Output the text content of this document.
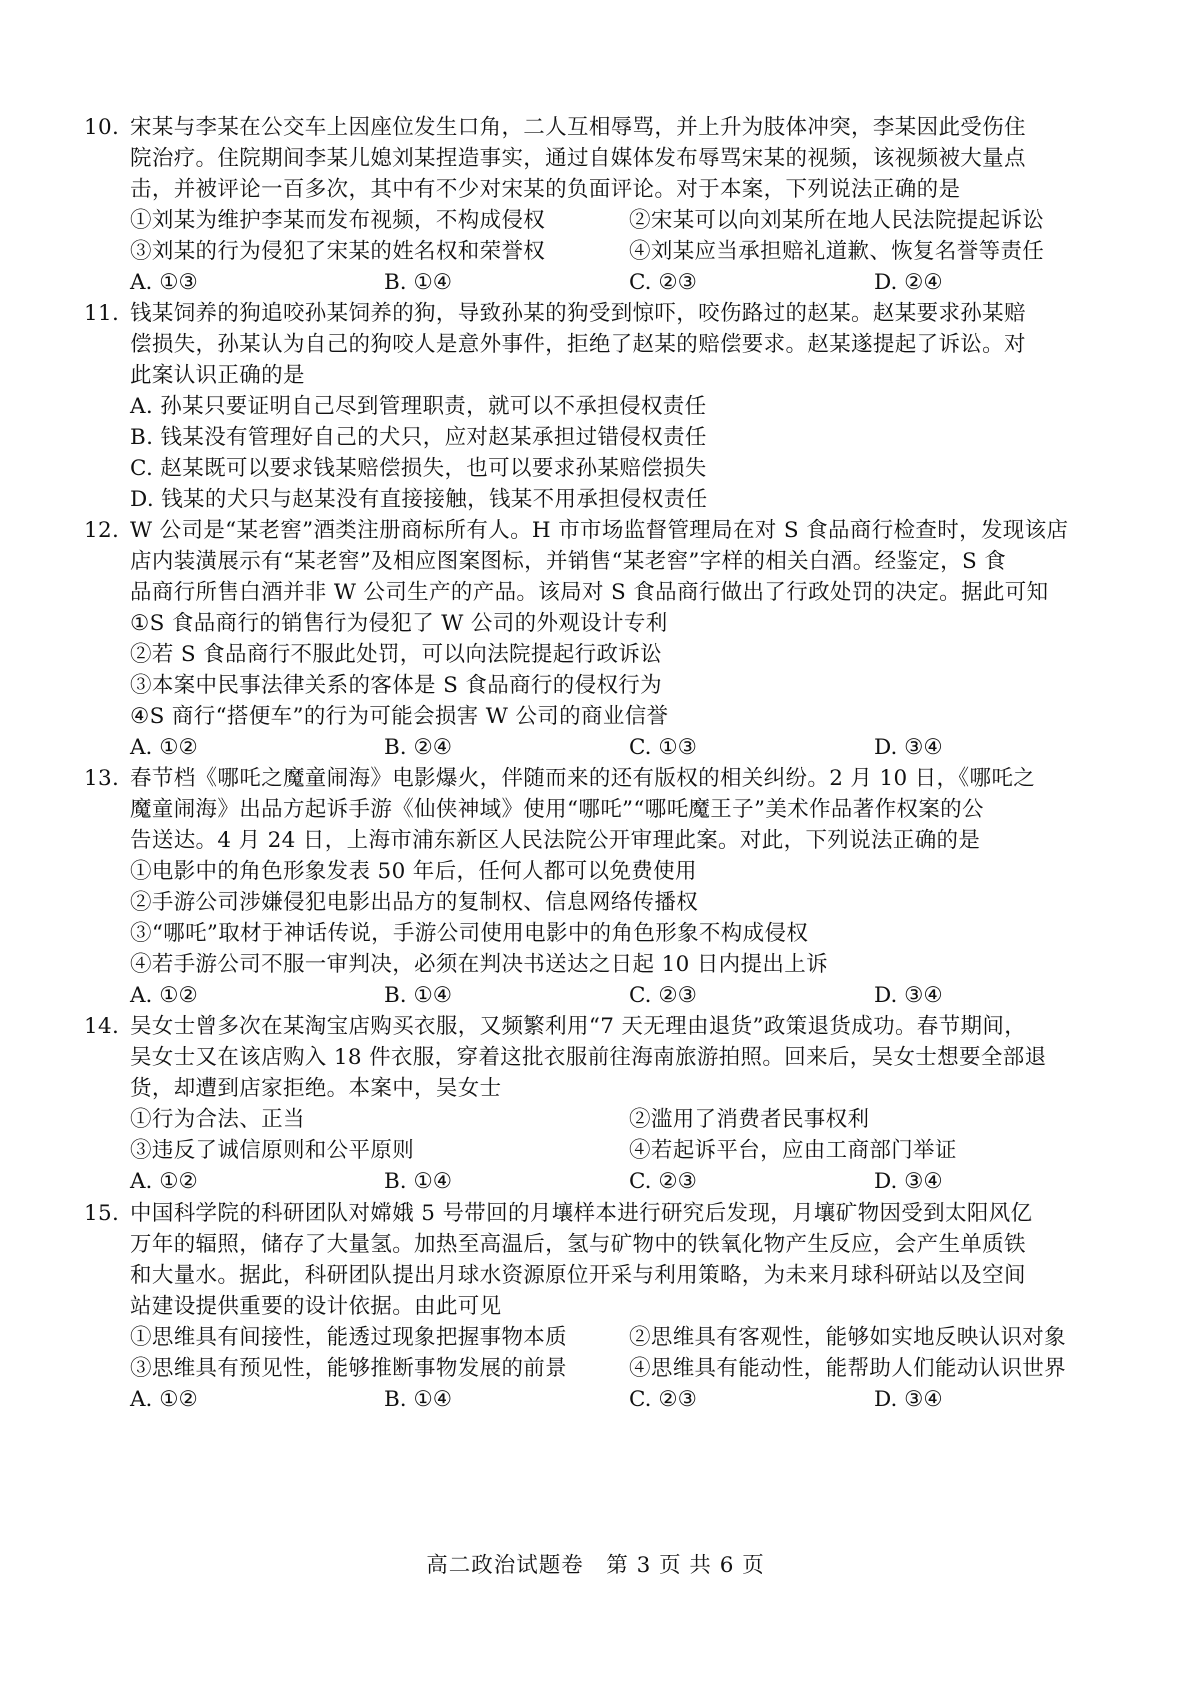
10. 宋某与李某在公交车上因座位发生口角，二人互相辱骂，并上升为肢体冲突，李某因此受伤住
院治疗。住院期间李某儿媳刘某捏造事实，通过自媒体发布辱骂宋某的视频，该视频被大量点
击，并被评论一百多次，其中有不少对宋某的负面评论。对于本案，下列说法正确的是
①刘某为维护李某而发布视频，不构成侵权	②宋某可以向刘某所在地人民法院提起诉讼
③刘某的行为侵犯了宋某的姓名权和荣誉权	④刘某应当承担赔礼道歉、恢复名誉等责任
A. ①③	B. ①④	C. ②③	D. ②④
11. 钱某饲养的狗追咬孙某饲养的狗，导致孙某的狗受到惊吓，咬伤路过的赵某。赵某要求孙某赔
偿损失，孙某认为自己的狗咬人是意外事件，拒绝了赵某的赔偿要求。赵某遂提起了诉讼。对
此案认识正确的是
A. 孙某只要证明自己尽到管理职责，就可以不承担侵权责任
B. 钱某没有管理好自己的犬只，应对赵某承担过错侵权责任
C. 赵某既可以要求钱某赔偿损失，也可以要求孙某赔偿损失
D. 钱某的犬只与赵某没有直接接触，钱某不用承担侵权责任
12. W 公司是“某老窖”酒类注册商标所有人。H 市市场监督管理局在对 S 食品商行检查时，发现该店
店内装潢展示有“某老窖”及相应图案图标，并销售“某老窖”字样的相关白酒。经鉴定，S 食
品商行所售白酒并非 W 公司生产的产品。该局对 S 食品商行做出了行政处罚的决定。据此可知
①S 食品商行的销售行为侵犯了 W 公司的外观设计专利
②若 S 食品商行不服此处罚，可以向法院提起行政诉讼
③本案中民事法律关系的客体是 S 食品商行的侵权行为
④S 商行“搭便车”的行为可能会损害 W 公司的商业信誉
A. ①②	B. ②④	C. ①③	D. ③④
13. 春节档《哪吒之魔童闹海》电影爆火，伴随而来的还有版权的相关纠纷。2 月 10 日，《哪吒之
魔童闹海》出品方起诉手游《仙侠神域》使用“哪吒”“哪吒魔王子”美术作品著作权案的公
告送达。4 月 24 日，上海市浦东新区人民法院公开审理此案。对此，下列说法正确的是
①电影中的角色形象发表 50 年后，任何人都可以免费使用
②手游公司涉嫌侵犯电影出品方的复制权、信息网络传播权
③“哪吒”取材于神话传说，手游公司使用电影中的角色形象不构成侵权
④若手游公司不服一审判决，必须在判决书送达之日起 10 日内提出上诉
A. ①②	B. ①④	C. ②③	D. ③④
14. 吴女士曾多次在某淘宝店购买衣服，又频繁利用“7 天无理由退货”政策退货成功。春节期间，
吴女士又在该店购入 18 件衣服，穿着这批衣服前往海南旅游拍照。回来后，吴女士想要全部退
货，却遭到店家拒绝。本案中，吴女士
①行为合法、正当	②滥用了消费者民事权利
③违反了诚信原则和公平原则	④若起诉平台，应由工商部门举证
A. ①②	B. ①④	C. ②③	D. ③④
15. 中国科学院的科研团队对嫦娥 5 号带回的月壤样本进行研究后发现，月壤矿物因受到太阳风亿
万年的辐照，储存了大量氢。加热至高温后，氢与矿物中的铁氧化物产生反应，会产生单质铁
和大量水。据此，科研团队提出月球水资源原位开采与利用策略，为未来月球科研站以及空间
站建设提供重要的设计依据。由此可见
①思维具有间接性，能透过现象把握事物本质	②思维具有客观性，能够如实地反映认识对象
③思维具有预见性，能够推断事物发展的前景	④思维具有能动性，能帮助人们能动认识世界
A. ①②	B. ①④	C. ②③	D. ③④
高二政治试题卷　第 3 页 共 6 页
